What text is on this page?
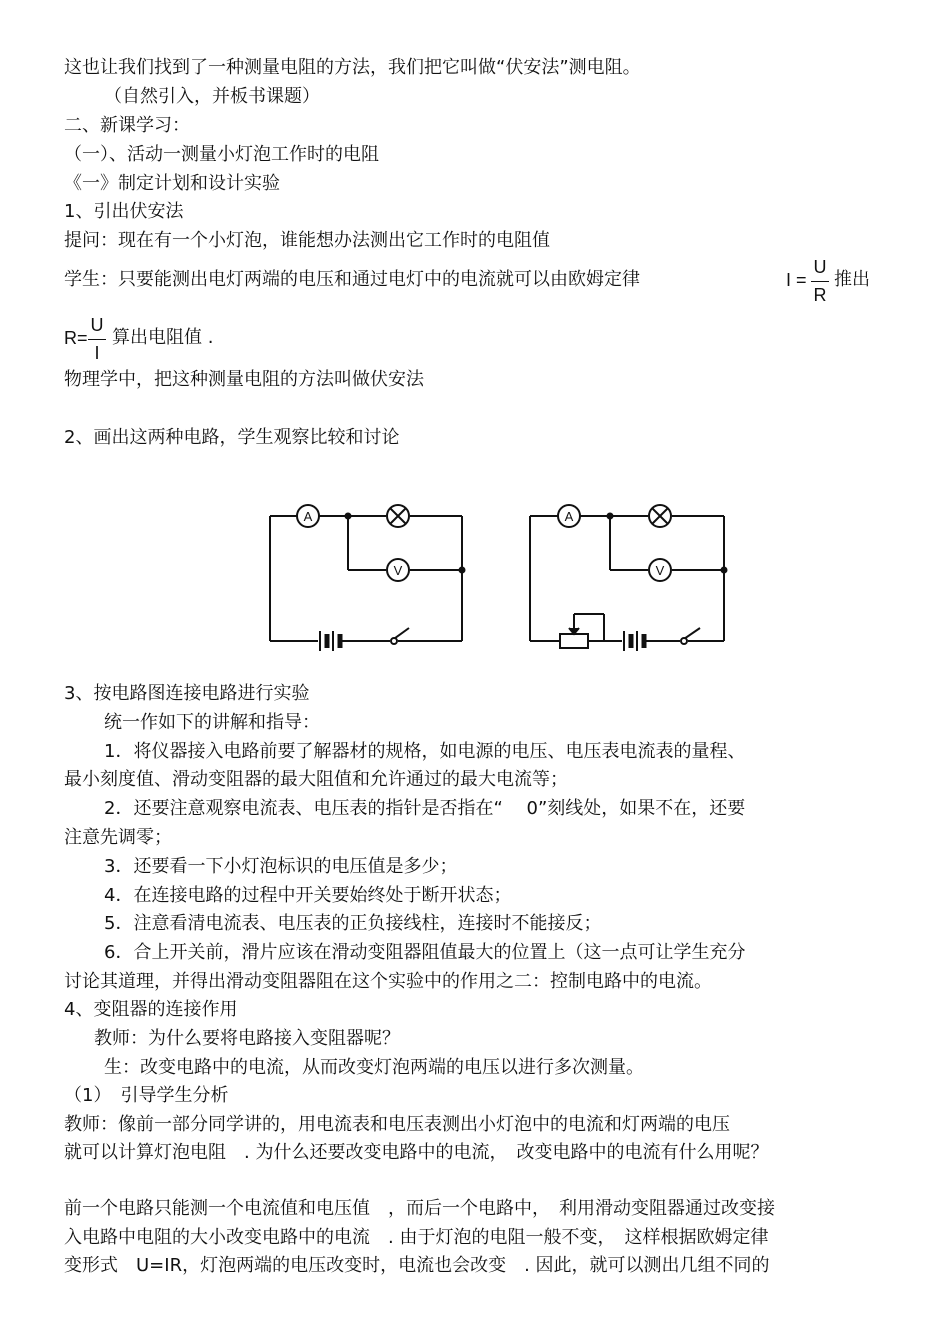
这也让我们找到了一种测量电阻的方法，我们把它叫做“伏安法”测电阻。
（自然引入，并板书课题）
二、新课学习：
（一）、活动一测量小灯泡工作时的电阻
《一》制定计划和设计实验
1、引出伏安法
提问：现在有一个小灯泡，谁能想办法测出它工作时的电阻值
学生：只要能测出电灯两端的电压和通过电灯中的电流就可以由欧姆定律	I =
U
R
推出
R=
U
I
算出电阻值 .
物理学中，把这种测量电阻的方法叫做伏安法
2、画出这两种电路，学生观察比较和讨论
A
V
A
V
3、按电路图连接电路进行实验
统一作如下的讲解和指导：
1．将仪器接入电路前要了解器材的规格，如电源的电压、电压表电流表的量程、
最小刻度值、滑动变阻器的最大阻值和允许通过的最大电流等；
2．还要注意观察电流表、电压表的指针是否指在“　 0”刻线处，如果不在，还要
注意先调零；
3．还要看一下小灯泡标识的电压值是多少；
4．在连接电路的过程中开关要始终处于断开状态；
5．注意看清电流表、电压表的正负接线柱，连接时不能接反；
6．合上开关前，滑片应该在滑动变阻器阻值最大的位置上（这一点可让学生充分
讨论其道理，并得出滑动变阻器阻在这个实验中的作用之二：控制电路中的电流。
4、变阻器的连接作用
教师：为什么要将电路接入变阻器呢？
生：改变电路中的电流，从而改变灯泡两端的电压以进行多次测量。
（1）　引导学生分析
教师：像前一部分同学讲的，用电流表和电压表测出小灯泡中的电流和灯两端的电压
就可以计算灯泡电阻　. 为什么还要改变电路中的电流，　改变电路中的电流有什么用呢？
前一个电路只能测一个电流值和电压值　，而后一个电路中，　利用滑动变阻器通过改变接
入电路中电阻的大小改变电路中的电流　. 由于灯泡的电阻一般不变，　这样根据欧姆定律
变形式　U=IR，灯泡两端的电压改变时，电流也会改变　. 因此，就可以测出几组不同的
